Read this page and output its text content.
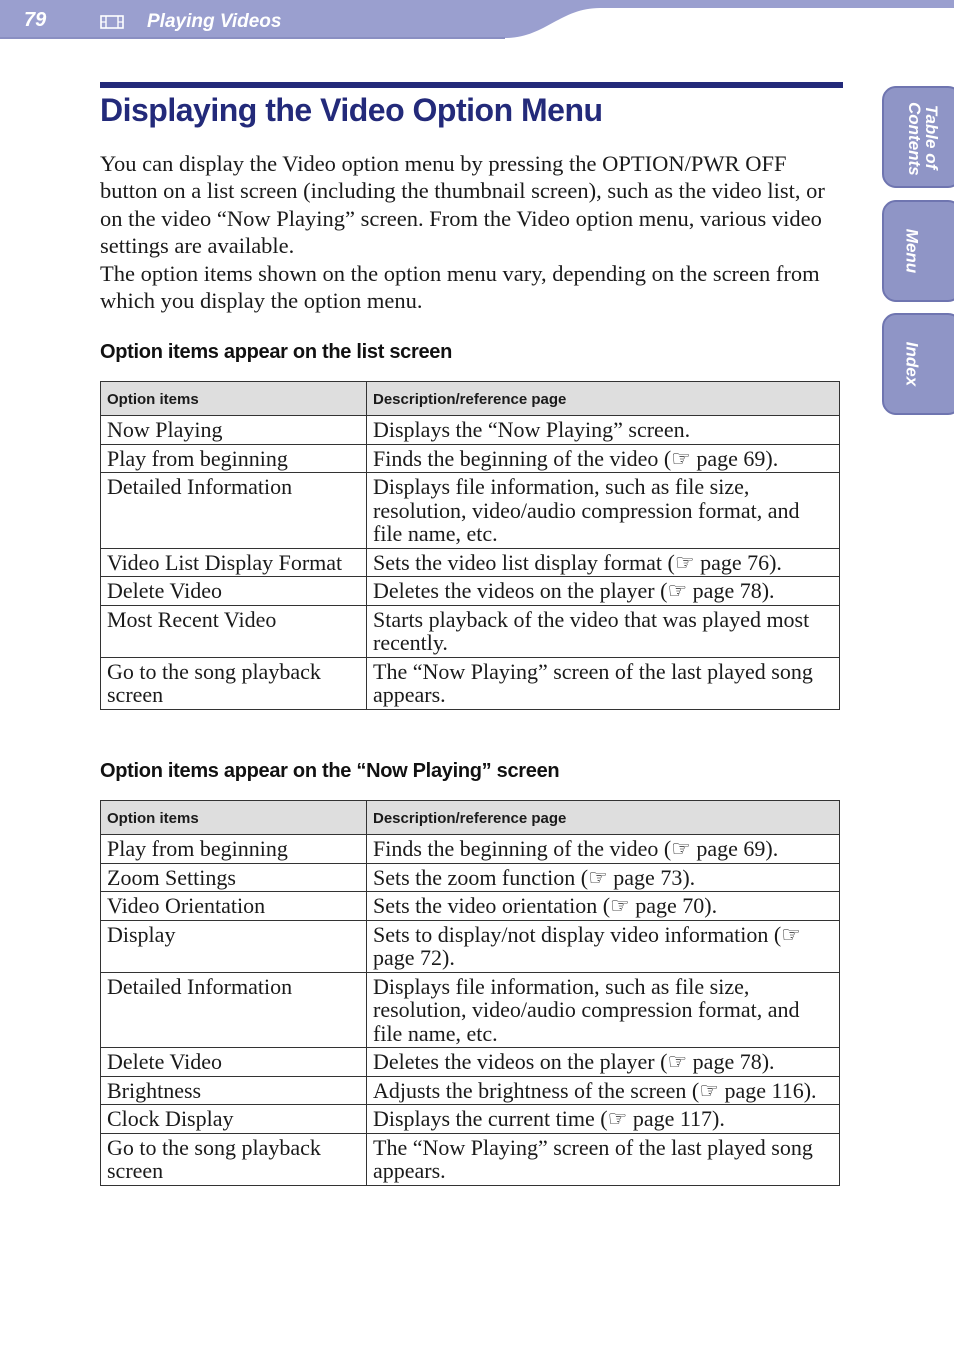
79	Playing Videos
Table of Contents
Menu
Index
Displaying the Video Option Menu

You can display the Video option menu by pressing the OPTION/PWR OFF button on a list screen (including the thumbnail screen), such as the video list, or on the video “Now Playing” screen. From the Video option menu, various video settings are available.

The option items shown on the option menu vary, depending on the screen from which you display the option menu.

Option items appear on the list screen
Option items	Description/reference page
Now Playing	Displays the “Now Playing” screen.
Play from beginning	Finds the beginning of the video (☞ page 69).
Detailed Information	Displays file information, such as file size, resolution, video/audio compression format, and file name, etc.
Video List Display Format	Sets the video list display format (☞ page 76).
Delete Video	Deletes the videos on the player (☞ page 78).
Most Recent Video	Starts playback of the video that was played most recently.
Go to the song playback screen	The “Now Playing” screen of the last played song appears.
Option items appear on the “Now Playing” screen
Option items	Description/reference page
Play from beginning	Finds the beginning of the video (☞ page 69).
Zoom Settings	Sets the zoom function (☞ page 73).
Video Orientation	Sets the video orientation (☞ page 70).
Display	Sets to display/not display video information (☞ page 72).
Detailed Information	Displays file information, such as file size, resolution, video/audio compression format, and file name, etc.
Delete Video	Deletes the videos on the player (☞ page 78).
Brightness	Adjusts the brightness of the screen (☞ page 116).
Clock Display	Displays the current time (☞ page 117).
Go to the song playback screen	The “Now Playing” screen of the last played song appears.
